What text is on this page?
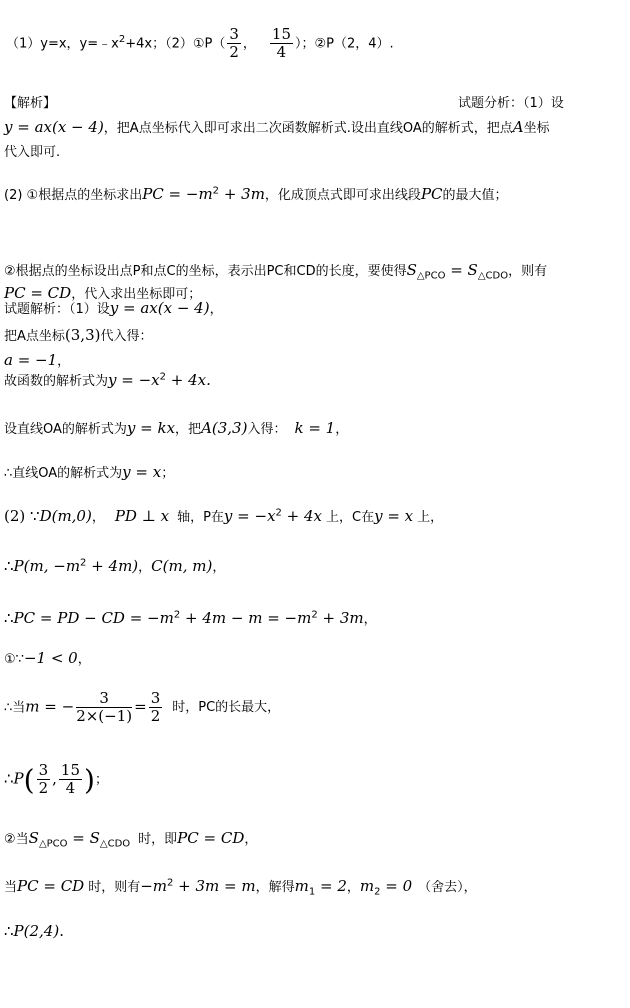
（1）y=x，$y=﹣x^2+4x$；（2）①P（ $\frac{3}{2}$ ， $\frac{15}{4}$ ）；②P（2，4）.
【解析】	试题分析：（1）设
y = ax(x − 4)，把A点坐标代入即可求出二次函数解析式.设出直线OA的解析式，把点A坐标
代入即可.
(2) ①根据点的坐标求出PC = $-m^2 + 3m$，化成顶点式即可求出线段PC的最大值；
②根据点的坐标设出点P和点C的坐标，表示出PC和CD的长度，要使得$S_{\triangle PCO} = S_{\triangle CDO}$，则有
PC = CD，代入求出坐标即可；
试题解析：（1）设y = ax(x − 4)，
把A点坐标(3,3)代入得：
a = −1，
故函数的解析式为$y = -x^2 + 4x$.
设直线OA的解析式为y = kx，把A(3,3)入得： k = 1，
∴直线OA的解析式为y = x；
(2) ∵D(m,0)， PD ⊥ x 轴，P在$y = -x^2 + 4x$ 上，C在y = x 上，
∴P(m, $-m^2 + 4m$)，C(m, m)，
∴PC = PD − CD = $-m^2 + 4m - m = -m^2 + 3m$，
①∵−1 < 0，
∴当m = − $\frac{3}{2\times(-1)} = \frac{3}{2}$ 时，PC的长最大，
∴P( $\frac{3}{2}$ , $\frac{15}{4}$ )；
②当$S_{\triangle PCO} = S_{\triangle CDO}$ 时，即PC = CD，
当PC = CD 时，则有$-m^2 + 3m = m$，解得$m_1 = 2$，$m_2 = 0$ （舍去），
∴P(2,4).
